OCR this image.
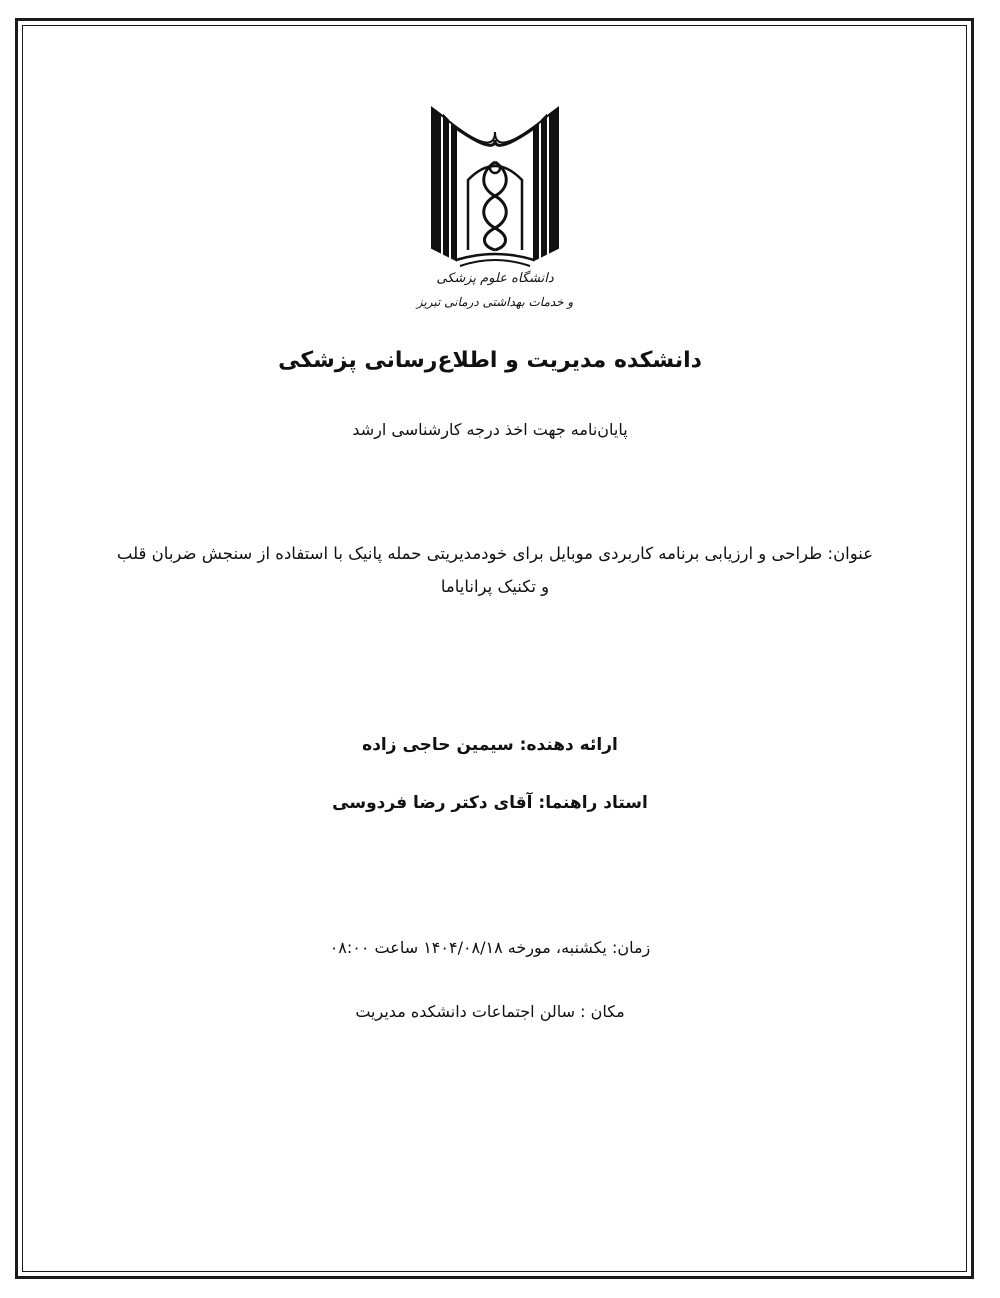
دانشگاه علوم پزشکی
و خدمات بهداشتی درمانی تبریز
دانشکده مدیریت و اطلاع‌رسانی پزشکی
پایان‌نامه جهت اخذ درجه کارشناسی ارشد
عنوان: طراحی و ارزیابی برنامه کاربردی موبایل برای خودمدیریتی حمله پانیک با استفاده از سنجش ضربان قلب
و تکنیک پرانایاما
ارائه دهنده: سیمین حاجی زاده
استاد راهنما: آقای دکتر رضا فردوسی
زمان: یکشنبه، مورخه ۱۴۰۴/۰۸/۱۸ ساعت ۰۸:۰۰
مکان : سالن اجتماعات دانشکده مدیریت
